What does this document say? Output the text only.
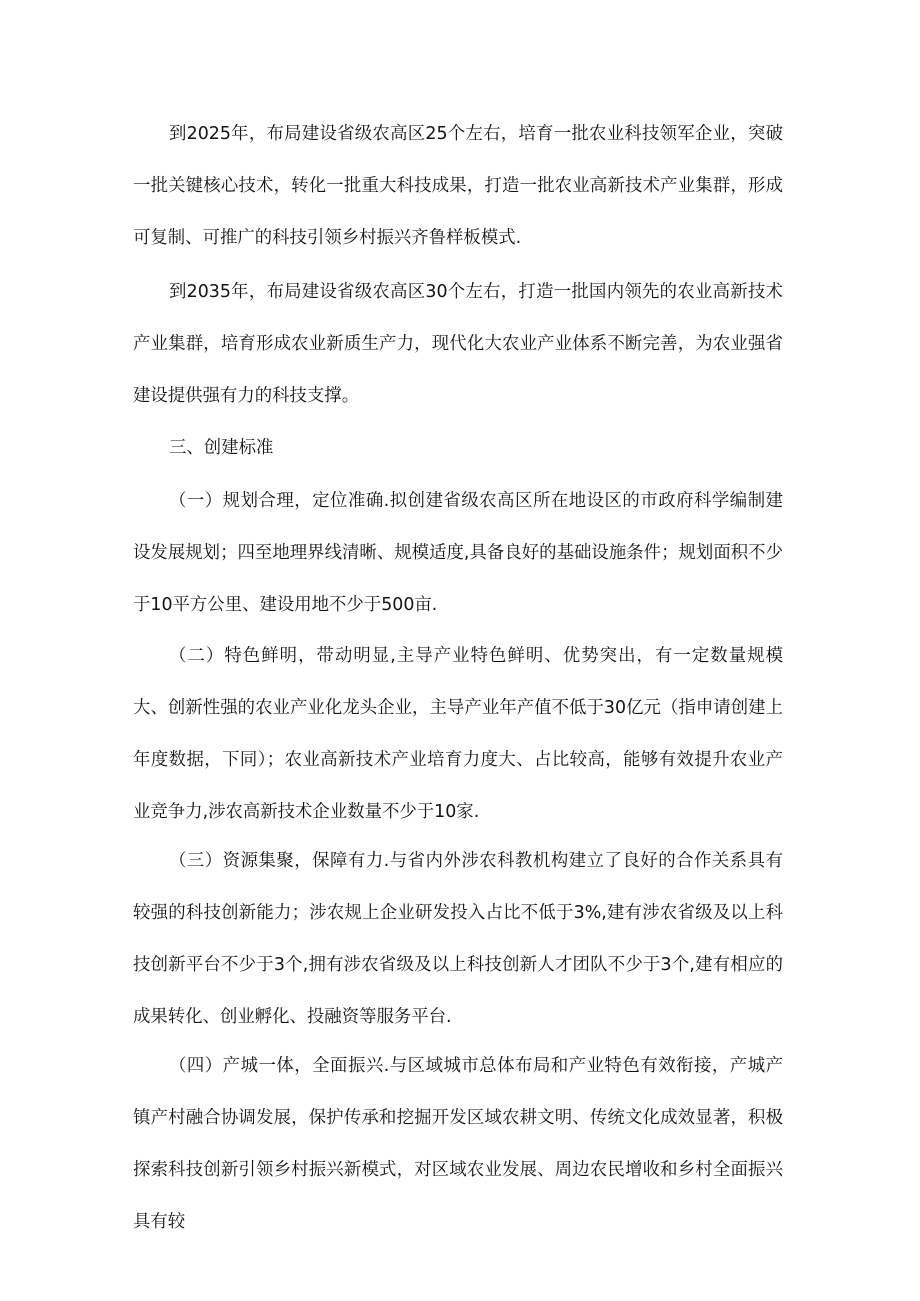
到2025年，布局建设省级农高区25个左右，培育一批农业科技领军企业，突破一批关键核心技术，转化一批重大科技成果，打造一批农业高新技术产业集群，形成可复制、可推广的科技引领乡村振兴齐鲁样板模式.

到2035年，布局建设省级农高区30个左右，打造一批国内领先的农业高新技术产业集群，培育形成农业新质生产力，现代化大农业产业体系不断完善，为农业强省建设提供强有力的科技支撑。

三、创建标准

（一）规划合理，定位准确.拟创建省级农高区所在地设区的市政府科学编制建设发展规划；四至地理界线清晰、规模适度,具备良好的基础设施条件；规划面积不少于10平方公里、建设用地不少于500亩.

（二）特色鲜明，带动明显,主导产业特色鲜明、优势突出，有一定数量规模大、创新性强的农业产业化龙头企业，主导产业年产值不低于30亿元（指申请创建上年度数据，下同）；农业高新技术产业培育力度大、占比较高，能够有效提升农业产业竞争力,涉农高新技术企业数量不少于10家.

（三）资源集聚，保障有力.与省内外涉农科教机构建立了良好的合作关系具有较强的科技创新能力；涉农规上企业研发投入占比不低于3%,建有涉农省级及以上科技创新平台不少于3个,拥有涉农省级及以上科技创新人才团队不少于3个,建有相应的成果转化、创业孵化、投融资等服务平台.

（四）产城一体，全面振兴.与区域城市总体布局和产业特色有效衔接，产城产镇产村融合协调发展，保护传承和挖掘开发区域农耕文明、传统文化成效显著，积极探索科技创新引领乡村振兴新模式，对区域农业发展、周边农民增收和乡村全面振兴具有较
